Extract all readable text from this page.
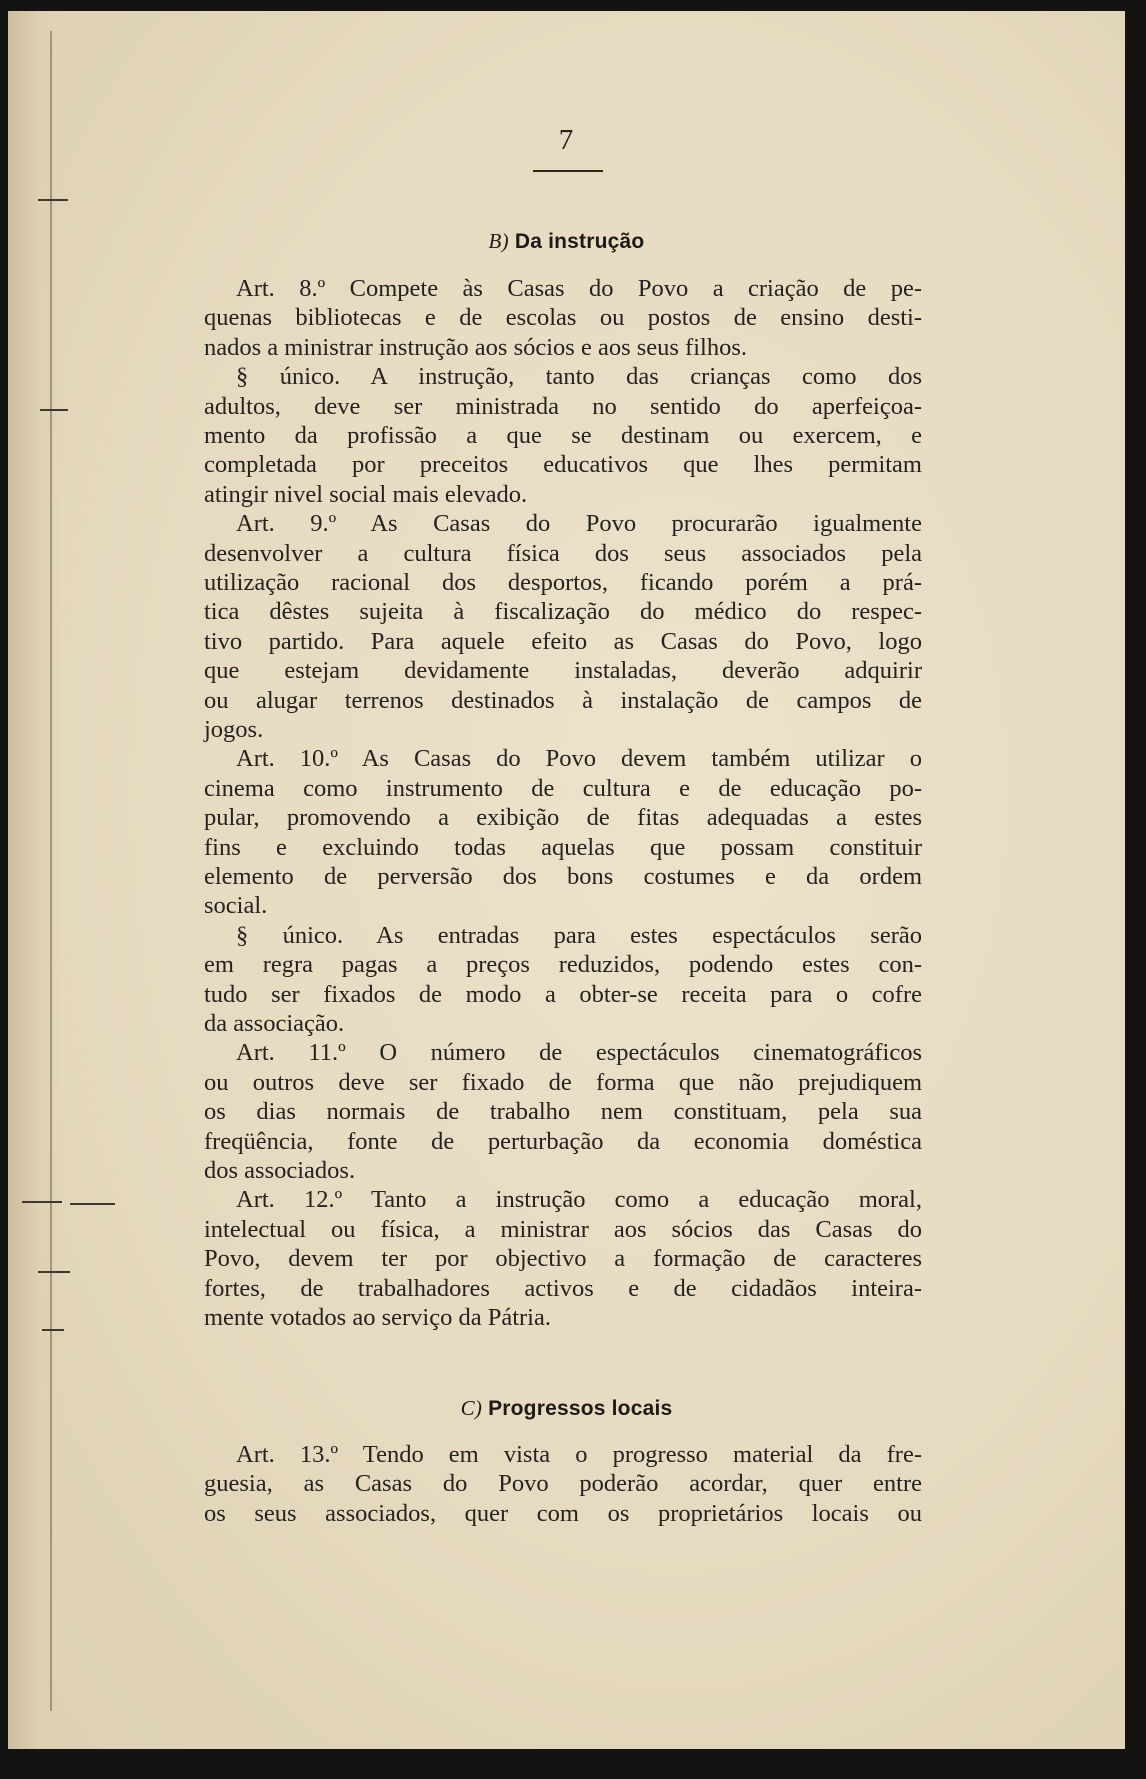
7
B) Da instrução
Art. 8.º Compete às Casas do Povo a criação de pe-
quenas bibliotecas e de escolas ou postos de ensino desti-
nados a ministrar instrução aos sócios e aos seus filhos.
§ único. A instrução, tanto das crianças como dos
adultos, deve ser ministrada no sentido do aperfeiçoa-
mento da profissão a que se destinam ou exercem, e
completada por preceitos educativos que lhes permitam
atingir nivel social mais elevado.
Art. 9.º As Casas do Povo procurarão igualmente
desenvolver a cultura física dos seus associados pela
utilização racional dos desportos, ficando porém a prá-
tica dêstes sujeita à fiscalização do médico do respec-
tivo partido. Para aquele efeito as Casas do Povo, logo
que estejam devidamente instaladas, deverão adquirir
ou alugar terrenos destinados à instalação de campos de
jogos.
Art. 10.º As Casas do Povo devem também utilizar o
cinema como instrumento de cultura e de educação po-
pular, promovendo a exibição de fitas adequadas a estes
fins e excluindo todas aquelas que possam constituir
elemento de perversão dos bons costumes e da ordem
social.
§ único. As entradas para estes espectáculos serão
em regra pagas a preços reduzidos, podendo estes con-
tudo ser fixados de modo a obter-se receita para o cofre
da associação.
Art. 11.º O número de espectáculos cinematográficos
ou outros deve ser fixado de forma que não prejudiquem
os dias normais de trabalho nem constituam, pela sua
freqüência, fonte de perturbação da economia doméstica
dos associados.
Art. 12.º Tanto a instrução como a educação moral,
intelectual ou física, a ministrar aos sócios das Casas do
Povo, devem ter por objectivo a formação de caracteres
fortes, de trabalhadores activos e de cidadãos inteira-
mente votados ao serviço da Pátria.
C) Progressos locais
Art. 13.º Tendo em vista o progresso material da fre-
guesia, as Casas do Povo poderão acordar, quer entre
os seus associados, quer com os proprietários locais ou
